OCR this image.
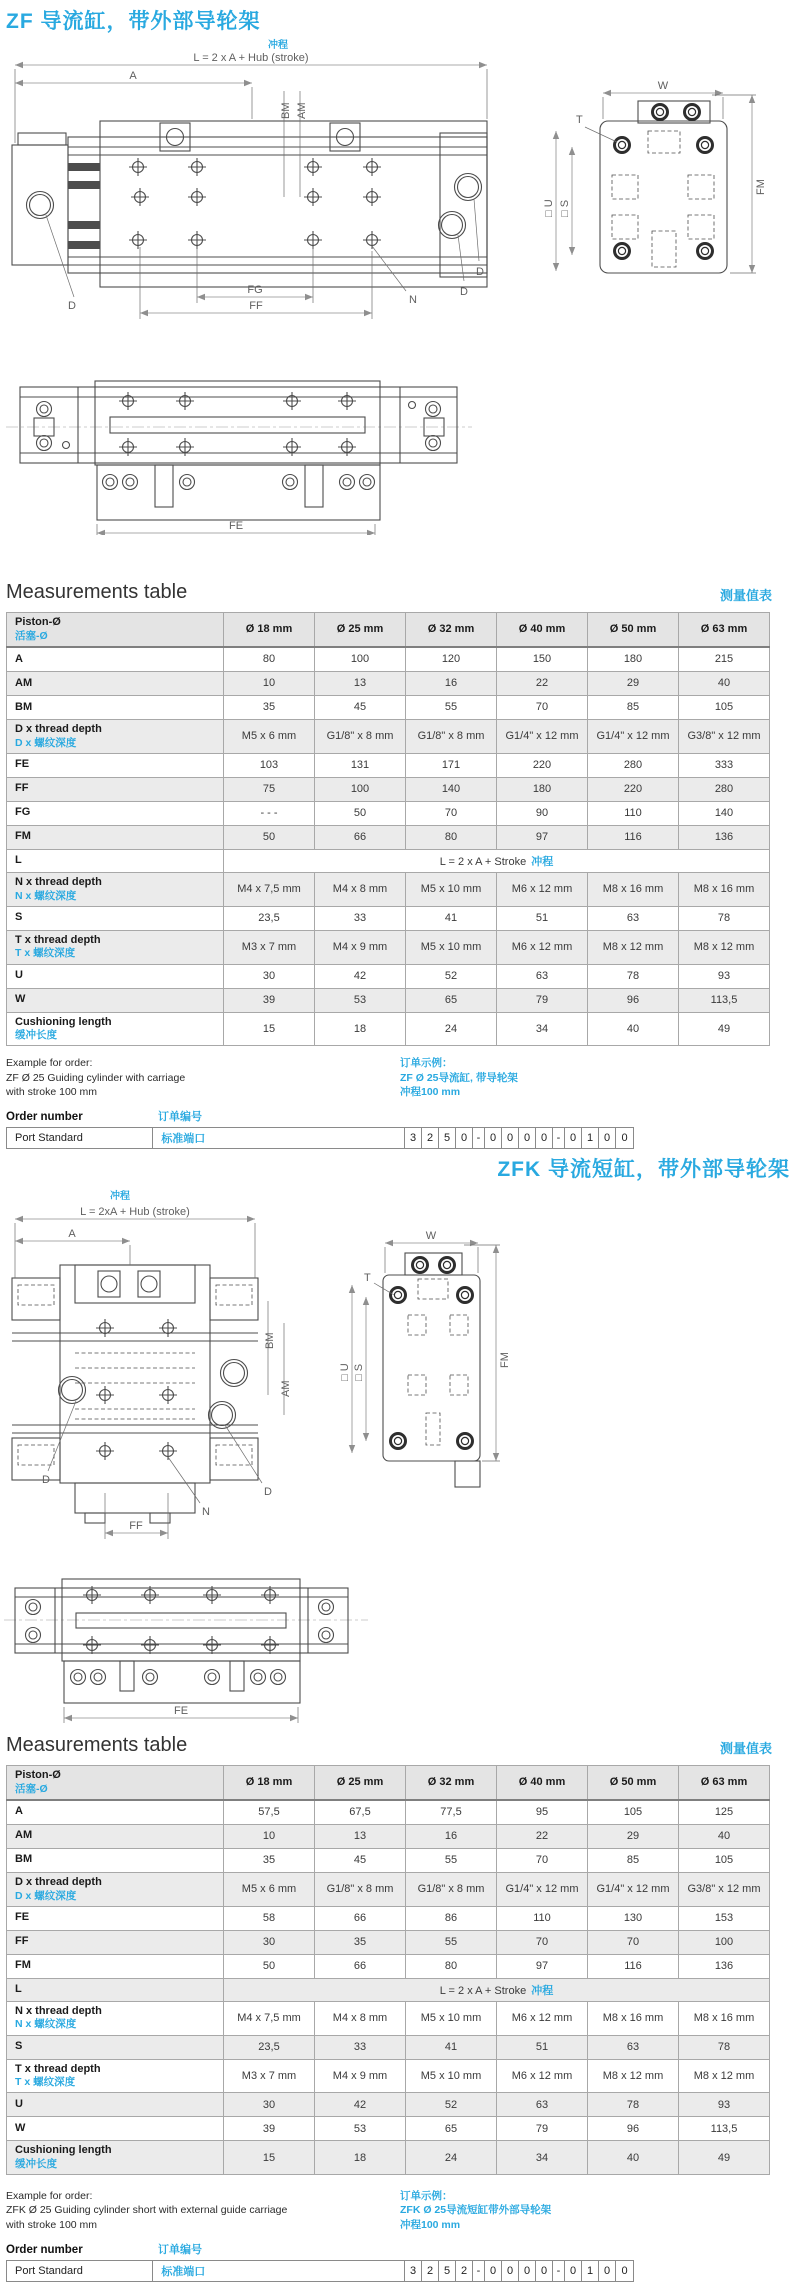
ZF 导流缸，带外部导轮架
冲程
L = 2 x A + Hub (stroke)
A
BM AM
D
D
D
N
FG
FF
W
T
□ U □ S
FM
FE
Measurements table	测量值表
Piston-Ø
活塞-Ø	Ø 18 mm	Ø 25 mm	Ø 32 mm	Ø 40 mm	Ø 50 mm	Ø 63 mm

A	80	100	120	150	180	215

AM	10	13	16	22	29	40

BM	35	45	55	70	85	105

D x thread depth
D x 螺纹深度	M5 x 6 mm	G1/8" x 8 mm	G1/8" x 8 mm	G1/4" x 12 mm	G1/4" x 12 mm	G3/8" x 12 mm

FE	103	131	171	220	280	333

FF	75	100	140	180	220	280

FG	- - -	50	70	90	110	140

FM	50	66	80	97	116	136

L	L = 2 x A + Stroke 冲程					

N x thread depth
N x 螺纹深度	M4 x 7,5 mm	M4 x 8 mm	M5 x 10 mm	M6 x 12 mm	M8 x 16 mm	M8 x 16 mm

S	23,5	33	41	51	63	78

T x thread depth
T x 螺纹深度	M3 x 7 mm	M4 x 9 mm	M5 x 10 mm	M6 x 12 mm	M8 x 12 mm	M8 x 12 mm

U	30	42	52	63	78	93

W	39	53	65	79	96	113,5

Cushioning length
缓冲长度	15	18	24	34	40	49
Example for order:
ZF Ø 25 Guiding cylinder with carriage
with stroke 100 mm
订单示例：
ZF Ø 25导流缸, 带导轮架
冲程100 mm
Order number	订单编号
Port Standard	标准端口	3 2 5 0 - 0 0 0 0 - 0 1 0	0
ZFK 导流短缸，带外部导轮架
冲程
L = 2xA + Hub (stroke)
A
BM
AM
D
D
N
FF
W
T
□ U □ S
FM
FE
Measurements table	测量值表
Piston-Ø
活塞-Ø	Ø 18 mm	Ø 25 mm	Ø 32 mm	Ø 40 mm	Ø 50 mm	Ø 63 mm

A	57,5	67,5	77,5	95	105	125

AM	10	13	16	22	29	40

BM	35	45	55	70	85	105

D x thread depth
D x 螺纹深度	M5 x 6 mm	G1/8" x 8 mm	G1/8" x 8 mm	G1/4" x 12 mm	G1/4" x 12 mm	G3/8" x 12 mm

FE	58	66	86	110	130	153

FF	30	35	55	70	70	100

FM	50	66	80	97	116	136

L	L = 2 x A + Stroke 冲程					

N x thread depth
N x 螺纹深度	M4 x 7,5 mm	M4 x 8 mm	M5 x 10 mm	M6 x 12 mm	M8 x 16 mm	M8 x 16 mm

S	23,5	33	41	51	63	78

T x thread depth
T x 螺纹深度	M3 x 7 mm	M4 x 9 mm	M5 x 10 mm	M6 x 12 mm	M8 x 12 mm	M8 x 12 mm

U	30	42	52	63	78	93

W	39	53	65	79	96	113,5

Cushioning length
缓冲长度	15	18	24	34	40	49
Example for order:
ZFK Ø 25 Guiding cylinder short with external guide carriage
with stroke 100 mm
订单示例：
ZFK Ø 25导流短缸带外部导轮架
冲程100 mm
Order number	订单编号
Port Standard	标准端口	3 2 5 2 - 0 0 0 0 - 0 1 0	0
